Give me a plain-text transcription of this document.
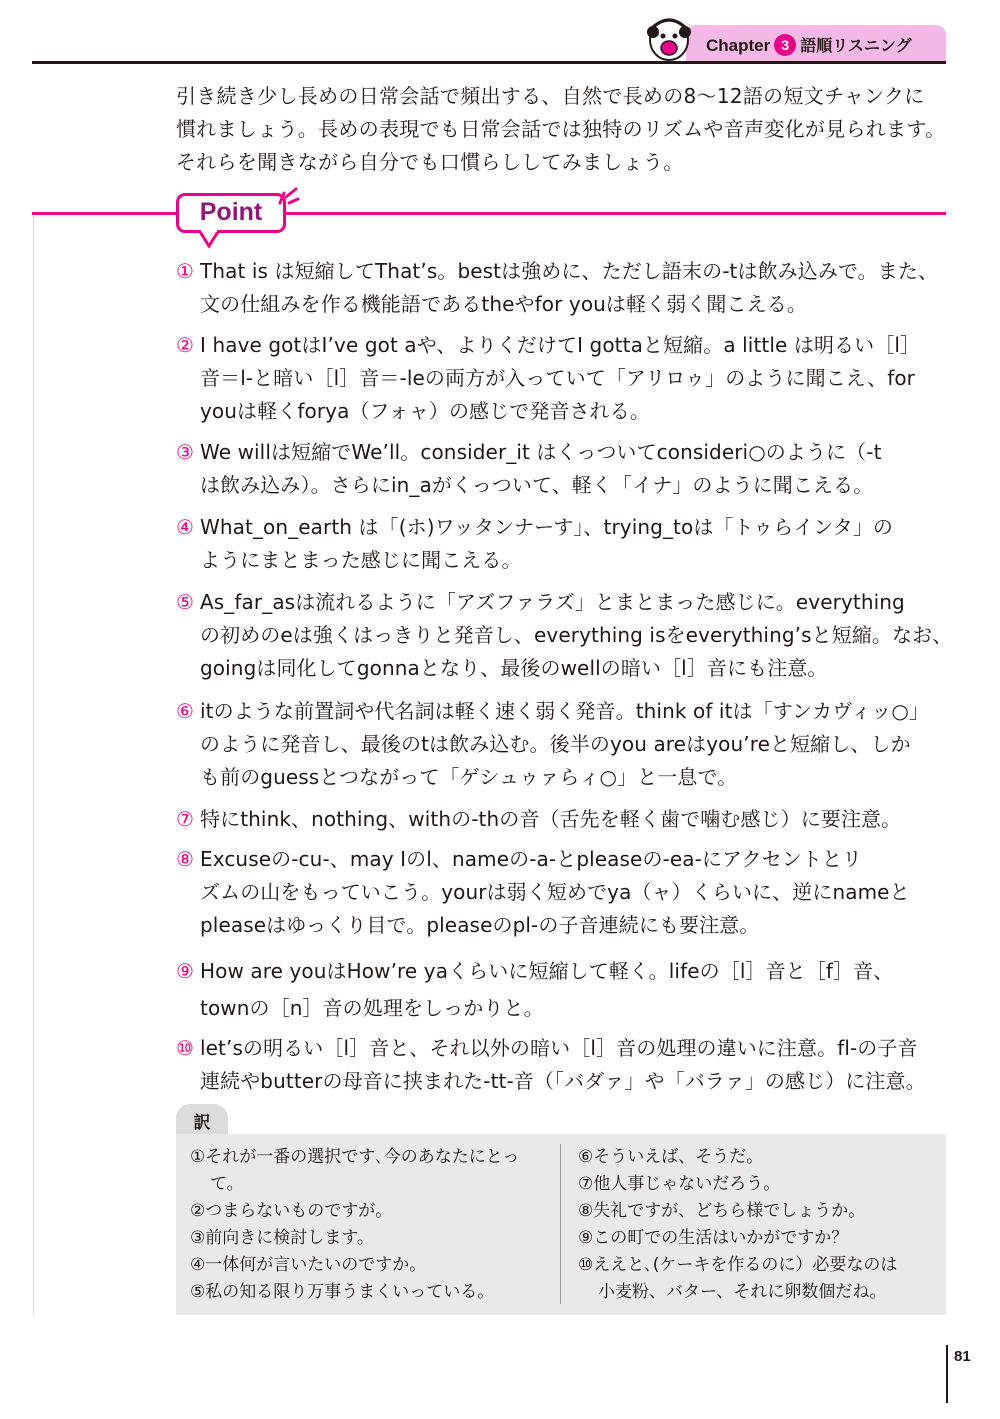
Chapter 3 語順リスニング

引き続き少し長めの日常会話で頻出する、自然で長めの8〜12語の短文チャンクに

慣れましょう。長めの表現でも日常会話では独特のリズムや音声変化が見られます。

それらを聞きながら自分でも口慣らししてみましょう。

Point
① That is は短縮してThat’s。bestは強めに、ただし語末の-tは飲み込みで。また、

文の仕組みを作る機能語であるtheやfor youは軽く弱く聞こえる。

② I have gotはI’ve got aや、よりくだけてI gottaと短縮。a little は明るい［l］

音＝l-と暗い［l］音＝-leの両方が入っていて「アリロゥ」のように聞こえ、for

youは軽くforya（フォャ）の感じで発音される。

③ We willは短縮でWe’ll。consider_it はくっついてconsideri○のように（-t

は飲み込み）。さらにin_aがくっついて、軽く「イナ」のように聞こえる。

④ What_on_earth は「(ホ)ワッタンナーす」、trying_toは「トゥらインタ」の

ようにまとまった感じに聞こえる。

⑤ As_far_asは流れるように「アズファラズ」とまとまった感じに。everything

の初めのeは強くはっきりと発音し、everything isをeverything’sと短縮。なお、

goingは同化してgonnaとなり、最後のwellの暗い［l］音にも注意。

⑥ itのような前置詞や代名詞は軽く速く弱く発音。think of itは「すンカヴィッ○」

のように発音し、最後のtは飲み込む。後半のyou areはyou’reと短縮し、しか

も前のguessとつながって「ゲシュゥァらィ○」と一息で。

⑦ 特にthink、nothing、withの-thの音（舌先を軽く歯で噛む感じ）に要注意。

⑧ Excuseの-cu-、may Iのl、nameの-a-とpleaseの-ea-にアクセントとリ

ズムの山をもっていこう。yourは弱く短めでya（ャ）くらいに、逆にnameと

pleaseはゆっくり目で。pleaseのpl-の子音連続にも要注意。

⑨ How are youはHow’re yaくらいに短縮して軽く。lifeの［l］音と［f］音、

townの［n］音の処理をしっかりと。

⑩ let’sの明るい［l］音と、それ以外の暗い［l］音の処理の違いに注意。fl-の子音

連続やbutterの母音に挟まれた-tt-音（「バダァ」や「バラァ」の感じ）に注意。

訳
①それが一番の選択です､今のあなたにとっ
て。
②つまらないものですが。
③前向きに検討します。
④一体何が言いたいのですか。
⑤私の知る限り万事うまくいっている。
⑥そういえば、そうだ。
⑦他人事じゃないだろう。
⑧失礼ですが、どちら様でしょうか。
⑨この町での生活はいかがですか？
⑩ええと､(ケーキを作るのに）必要なのは
小麦粉、バター、それに卵数個だね。
81
